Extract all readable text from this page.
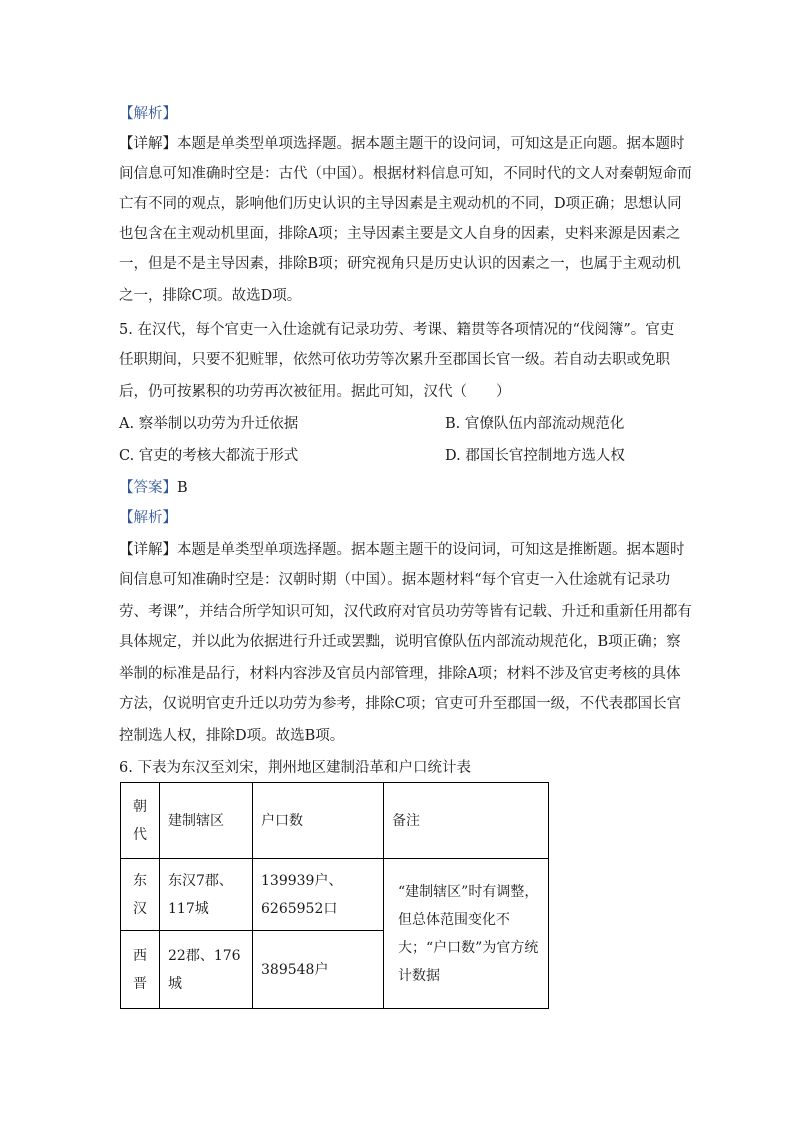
【解析】
【详解】本题是单类型单项选择题。据本题主题干的设问词，可知这是正向题。据本题时
间信息可知准确时空是：古代（中国）。根据材料信息可知，不同时代的文人对秦朝短命而
亡有不同的观点，影响他们历史认识的主导因素是主观动机的不同，D项正确；思想认同
也包含在主观动机里面，排除A项；主导因素主要是文人自身的因素，史料来源是因素之
一，但是不是主导因素，排除B项；研究视角只是历史认识的因素之一，也属于主观动机
之一，排除C项。故选D项。
5. 在汉代，每个官吏一入仕途就有记录功劳、考课、籍贯等各项情况的“伐阅簿”。官吏
任职期间，只要不犯赃罪，依然可依功劳等次累升至郡国长官一级。若自动去职或免职
后，仍可按累积的功劳再次被征用。据此可知，汉代（　　）
A. 察举制以功劳为升迁依据	B. 官僚队伍内部流动规范化
C. 官吏的考核大都流于形式	D. 郡国长官控制地方选人权
【答案】B
【解析】
【详解】本题是单类型单项选择题。据本题主题干的设问词，可知这是推断题。据本题时
间信息可知准确时空是：汉朝时期（中国）。据本题材料“每个官吏一入仕途就有记录功
劳、考课”，并结合所学知识可知，汉代政府对官员功劳等皆有记载、升迁和重新任用都有
具体规定，并以此为依据进行升迁或罢黜，说明官僚队伍内部流动规范化，B项正确；察
举制的标准是品行，材料内容涉及官员内部管理，排除A项；材料不涉及官吏考核的具体
方法，仅说明官吏升迁以功劳为参考，排除C项；官吏可升至郡国一级，不代表郡国长官
控制选人权，排除D项。故选B项。
6. 下表为东汉至刘宋，荆州地区建制沿革和户口统计表
朝代	建制辖区	户口数	备注
东汉	东汉7郡、117城	139939户、6265952口	“建制辖区”时有调整，但总体范围变化不大；“户口数”为官方统计数据
西晋	22郡、176城	389548户	
